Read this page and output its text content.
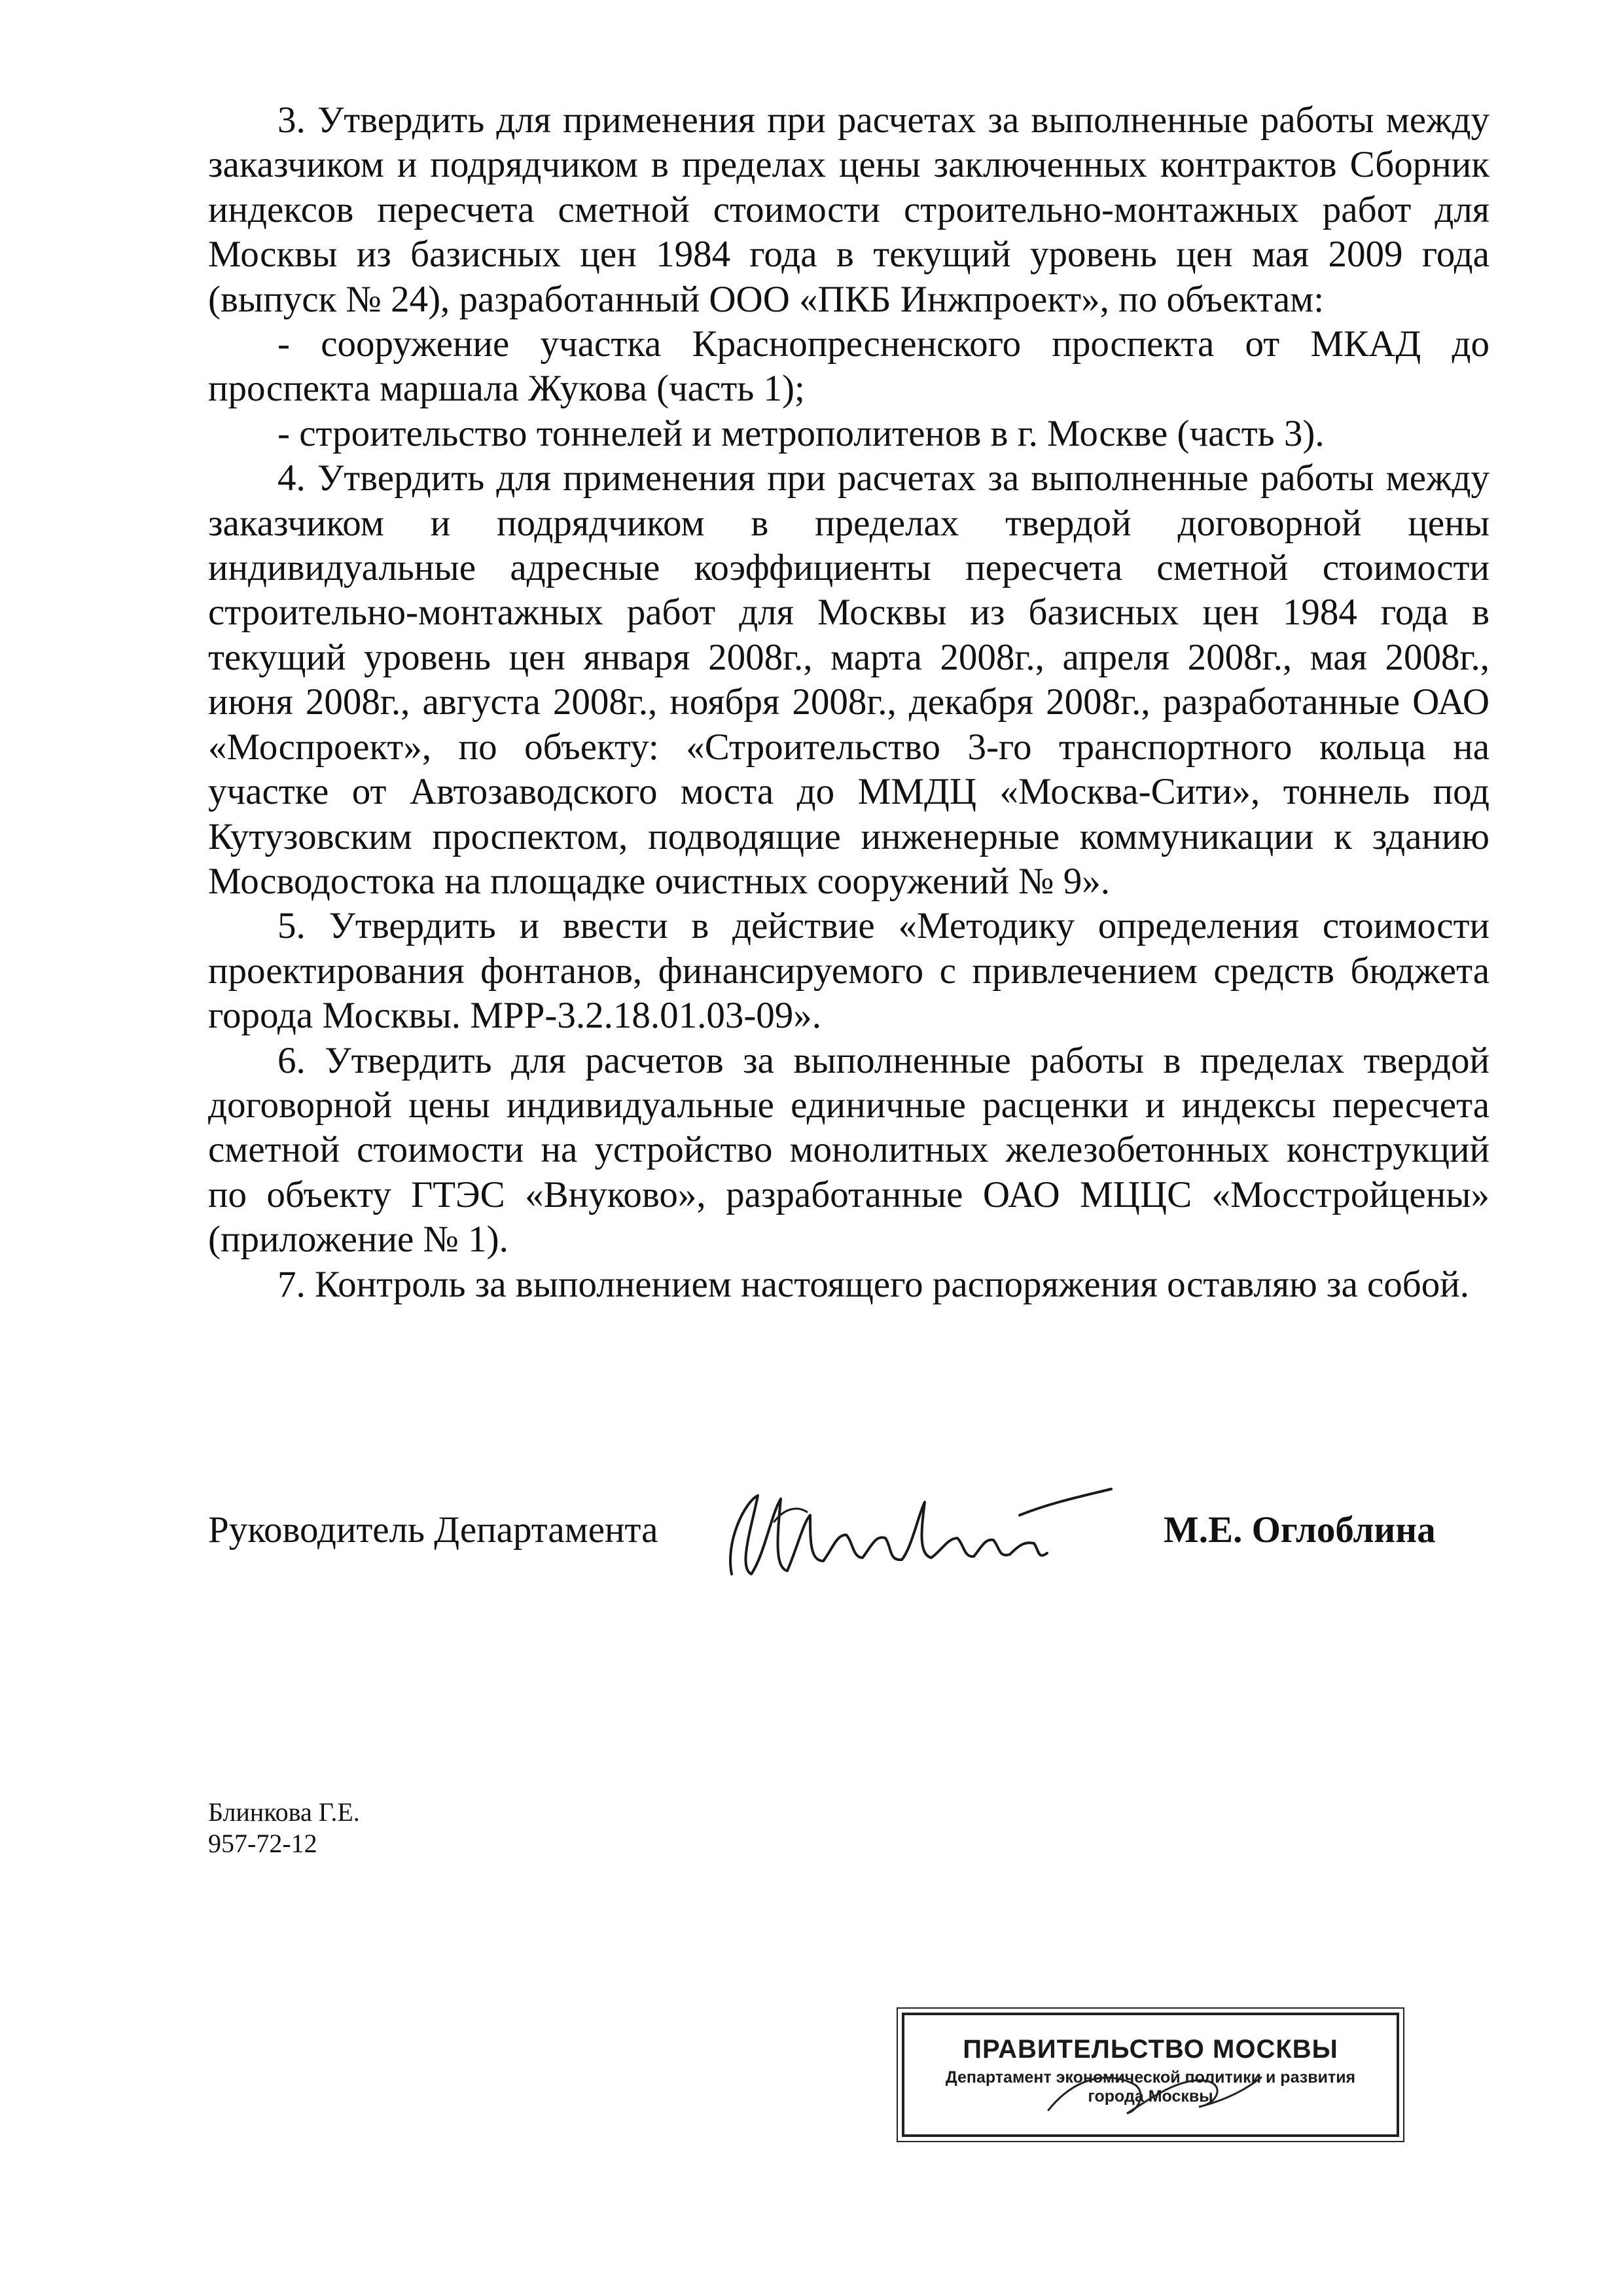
3. Утвердить для применения при расчетах за выполненные работы между заказчиком и подрядчиком в пределах цены заключенных контрактов Сборник индексов пересчета сметной стоимости строительно-монтажных работ для Москвы из базисных цен 1984 года в текущий уровень цен мая 2009 года (выпуск № 24), разработанный ООО «ПКБ Инжпроект», по объектам:

- сооружение участка Краснопресненского проспекта от МКАД до проспекта маршала Жукова (часть 1);

- строительство тоннелей и метрополитенов в г. Москве (часть 3).

4. Утвердить для применения при расчетах за выполненные работы между заказчиком и подрядчиком в пределах твердой договорной цены индивидуальные адресные коэффициенты пересчета сметной стоимости строительно-монтажных работ для Москвы из базисных цен 1984 года в текущий уровень цен января 2008г., марта 2008г., апреля 2008г., мая 2008г., июня 2008г., августа 2008г., ноября 2008г., декабря 2008г., разработанные ОАО «Моспроект», по объекту: «Строительство 3-го транспортного кольца на участке от Автозаводского моста до ММДЦ «Москва-Сити», тоннель под Кутузовским проспектом, подводящие инженерные коммуникации к зданию Мосводостока на площадке очистных сооружений № 9».

5. Утвердить и ввести в действие «Методику определения стоимости проектирования фонтанов, финансируемого с привлечением средств бюджета города Москвы. МРР-3.2.18.01.03-09».

6. Утвердить для расчетов за выполненные работы в пределах твердой договорной цены индивидуальные единичные расценки и индексы пересчета сметной стоимости на устройство монолитных железобетонных конструкций по объекту ГТЭС «Внуково», разработанные ОАО МЦЦС «Мосстройцены» (приложение № 1).

7. Контроль за выполнением настоящего распоряжения оставляю за собой.

Руководитель Департамента	М.Е. Оглоблина
Блинкова Г.Е.
957-72-12
ПРАВИТЕЛЬСТВО МОСКВЫ
Департамент экономической политики и развития
города Москвы
